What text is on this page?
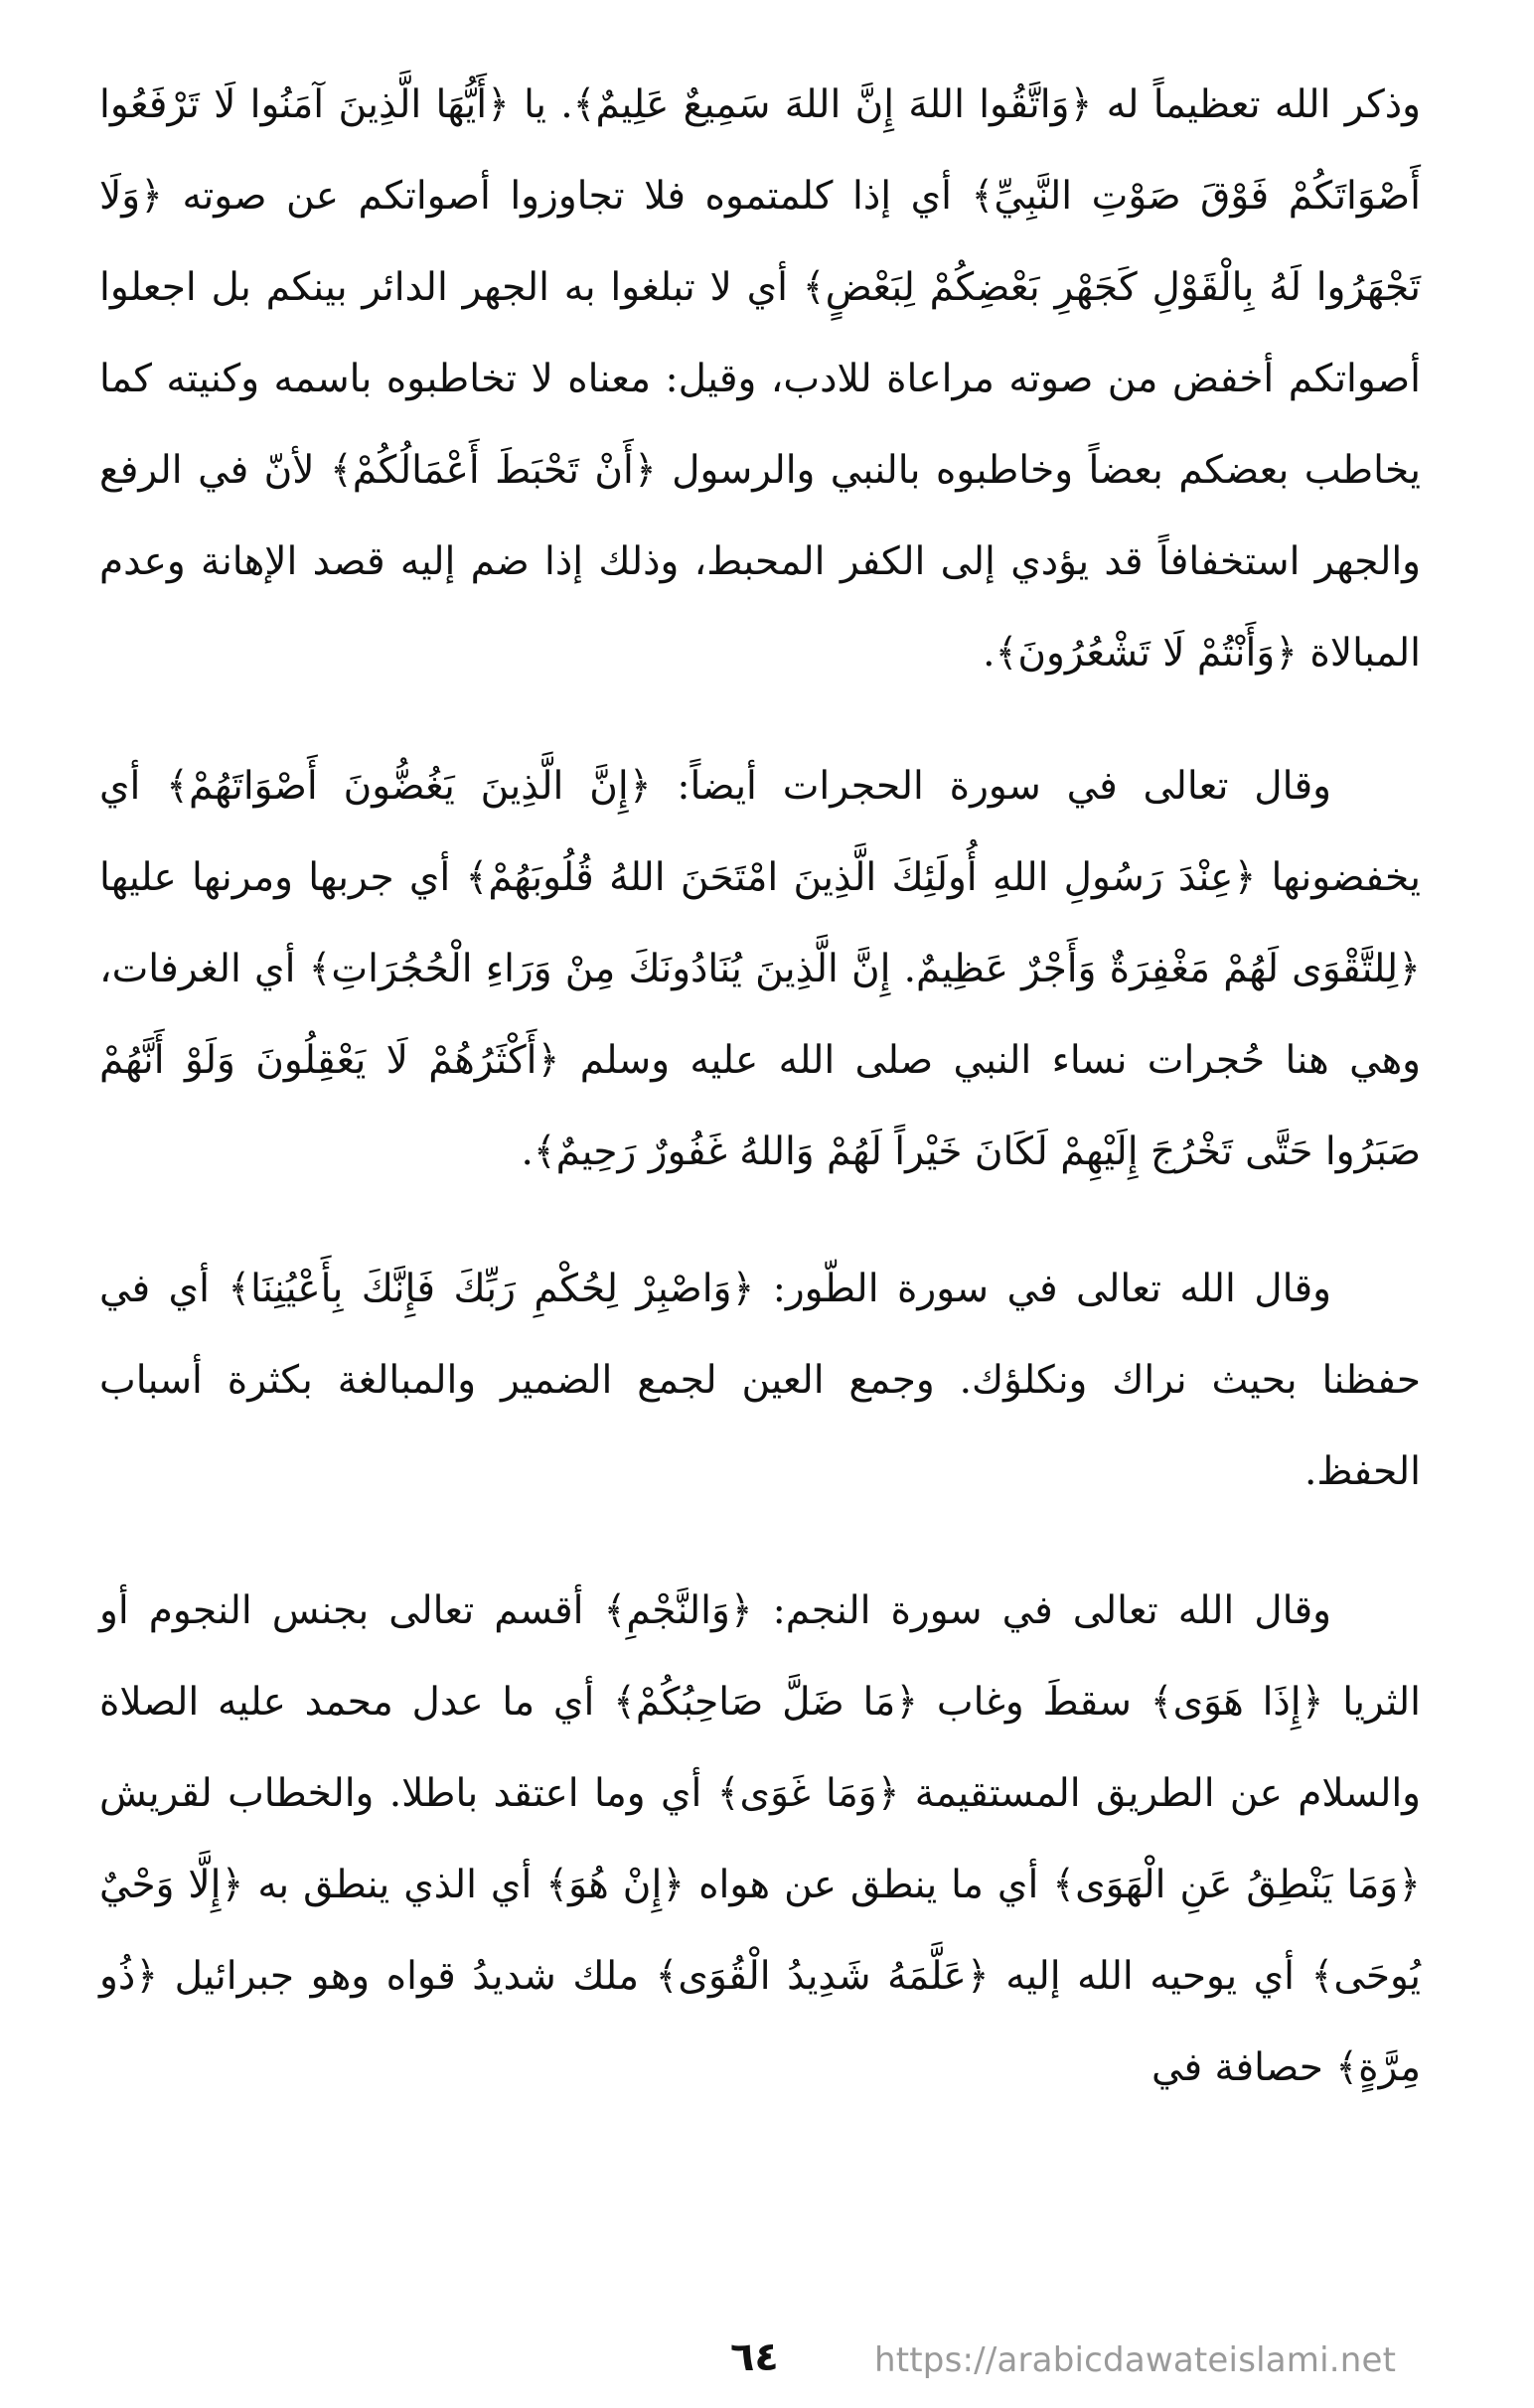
وذكر الله تعظيماً له ﴿وَاتَّقُوا اللهَ إِنَّ اللهَ سَمِيعٌ عَلِيمٌ﴾. يا ﴿أَيُّهَا الَّذِينَ آمَنُوا لَا تَرْفَعُوا أَصْوَاتَكُمْ فَوْقَ صَوْتِ النَّبِيِّ﴾ أي إذا كلمتموه فلا تجاوزوا أصواتكم عن صوته ﴿وَلَا تَجْهَرُوا لَهُ بِالْقَوْلِ كَجَهْرِ بَعْضِكُمْ لِبَعْضٍ﴾ أي لا تبلغوا به الجهر الدائر بينكم بل اجعلوا أصواتكم أخفض من صوته مراعاة للادب، وقيل: معناه لا تخاطبوه باسمه وكنيته كما يخاطب بعضكم بعضاً وخاطبوه بالنبي والرسول ﴿أَنْ تَحْبَطَ أَعْمَالُكُمْ﴾ لأنّ في الرفع والجهر استخفافاً قد يؤدي إلى الكفر المحبط، وذلك إذا ضم إليه قصد الإهانة وعدم المبالاة ﴿وَأَنْتُمْ لَا تَشْعُرُونَ﴾.

وقال تعالى في سورة الحجرات أيضاً: ﴿إِنَّ الَّذِينَ يَغُضُّونَ أَصْوَاتَهُمْ﴾ أي يخفضونها ﴿عِنْدَ رَسُولِ اللهِ أُولَئِكَ الَّذِينَ امْتَحَنَ اللهُ قُلُوبَهُمْ﴾ أي جربها ومرنها عليها ﴿لِلتَّقْوَى لَهُمْ مَغْفِرَةٌ وَأَجْرٌ عَظِيمٌ. إِنَّ الَّذِينَ يُنَادُونَكَ مِنْ وَرَاءِ الْحُجُرَاتِ﴾ أي الغرفات، وهي هنا حُجرات نساء النبي صلى الله عليه وسلم ﴿أَكْثَرُهُمْ لَا يَعْقِلُونَ وَلَوْ أَنَّهُمْ صَبَرُوا حَتَّى تَخْرُجَ إِلَيْهِمْ لَكَانَ خَيْراً لَهُمْ وَاللهُ غَفُورٌ رَحِيمٌ﴾.

وقال الله تعالى في سورة الطّور: ﴿وَاصْبِرْ لِحُكْمِ رَبِّكَ فَإِنَّكَ بِأَعْيُنِنَا﴾ أي في حفظنا بحيث نراك ونكلؤك. وجمع العين لجمع الضمير والمبالغة بكثرة أسباب الحفظ.

وقال الله تعالى في سورة النجم: ﴿وَالنَّجْمِ﴾ أقسم تعالى بجنس النجوم أو الثريا ﴿إِذَا هَوَى﴾ سقطَ وغاب ﴿مَا ضَلَّ صَاحِبُكُمْ﴾ أي ما عدل محمد عليه الصلاة والسلام عن الطريق المستقيمة ﴿وَمَا غَوَى﴾ أي وما اعتقد باطلا. والخطاب لقريش ﴿وَمَا يَنْطِقُ عَنِ الْهَوَى﴾ أي ما ينطق عن هواه ﴿إِنْ هُوَ﴾ أي الذي ينطق به ﴿إِلَّا وَحْيٌ يُوحَى﴾ أي يوحيه الله إليه ﴿عَلَّمَهُ شَدِيدُ الْقُوَى﴾ ملك شديدُ قواه وهو جبرائيل ﴿ذُو مِرَّةٍ﴾ حصافة في

٦٤	https://arabicdawateislami.net
